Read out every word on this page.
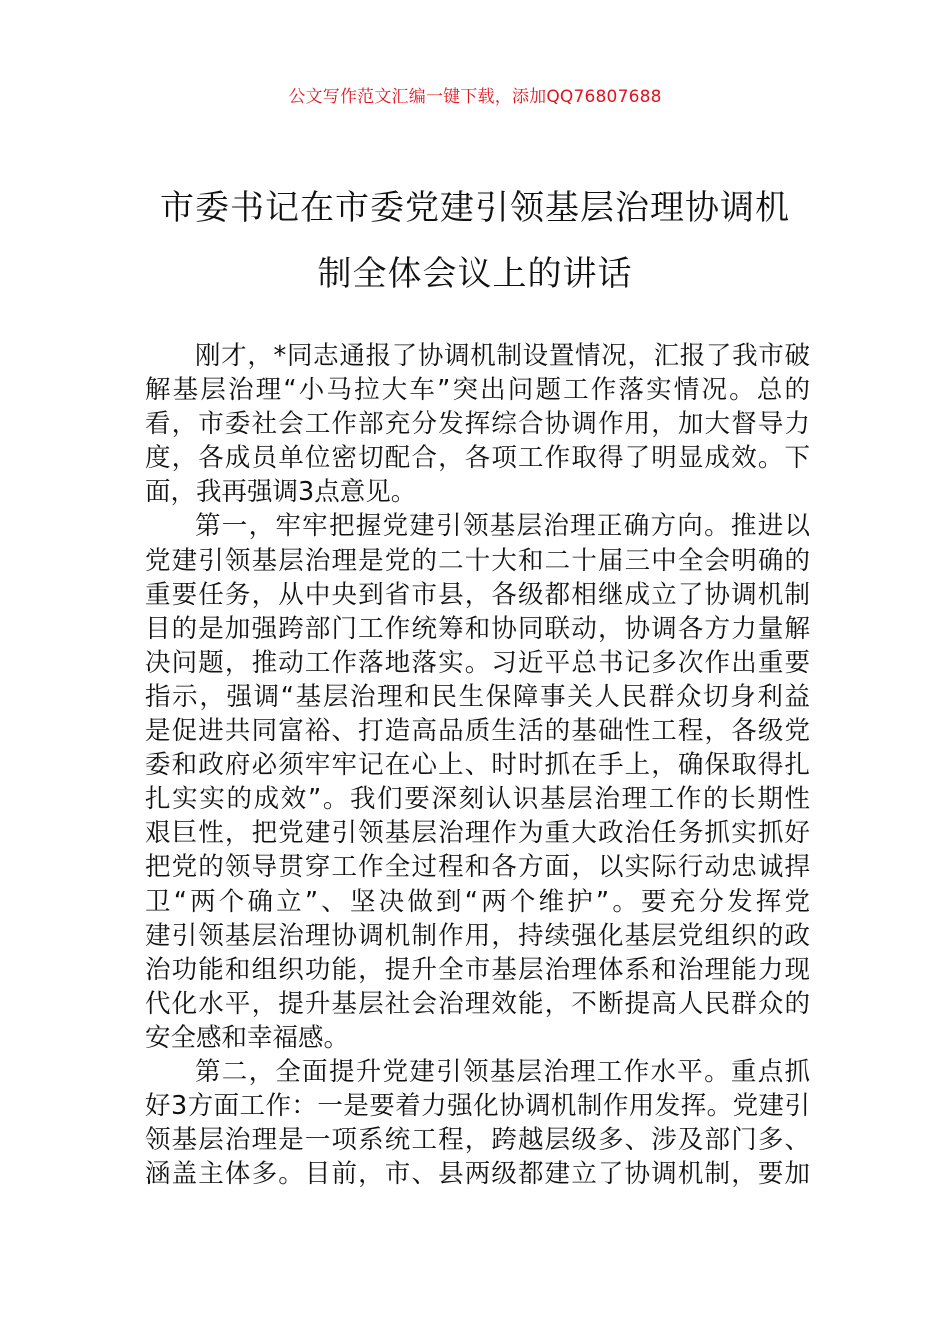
公文写作范文汇编一键下载，添加QQ76807688
市委书记在市委党建引领基层治理协调机
制全体会议上的讲话
刚才，*同志通报了协调机制设置情况，汇报了我市破
解基层治理“小马拉大车”突出问题工作落实情况。总的
看，市委社会工作部充分发挥综合协调作用，加大督导力
度，各成员单位密切配合，各项工作取得了明显成效。下
面，我再强调3点意见。
第一，牢牢把握党建引领基层治理正确方向。推进以
党建引领基层治理是党的二十大和二十届三中全会明确的
重要任务，从中央到省市县，各级都相继成立了协调机制
目的是加强跨部门工作统筹和协同联动，协调各方力量解
决问题，推动工作落地落实。习近平总书记多次作出重要
指示，强调“基层治理和民生保障事关人民群众切身利益
是促进共同富裕、打造高品质生活的基础性工程，各级党
委和政府必须牢牢记在心上、时时抓在手上，确保取得扎
扎实实的成效”。我们要深刻认识基层治理工作的长期性
艰巨性，把党建引领基层治理作为重大政治任务抓实抓好
把党的领导贯穿工作全过程和各方面，以实际行动忠诚捍
卫“两个确立”、坚决做到“两个维护”。要充分发挥党
建引领基层治理协调机制作用，持续强化基层党组织的政
治功能和组织功能，提升全市基层治理体系和治理能力现
代化水平，提升基层社会治理效能，不断提高人民群众的
安全感和幸福感。
第二，全面提升党建引领基层治理工作水平。重点抓
好3方面工作：一是要着力强化协调机制作用发挥。党建引
领基层治理是一项系统工程，跨越层级多、涉及部门多、
涵盖主体多。目前，市、县两级都建立了协调机制，要加
